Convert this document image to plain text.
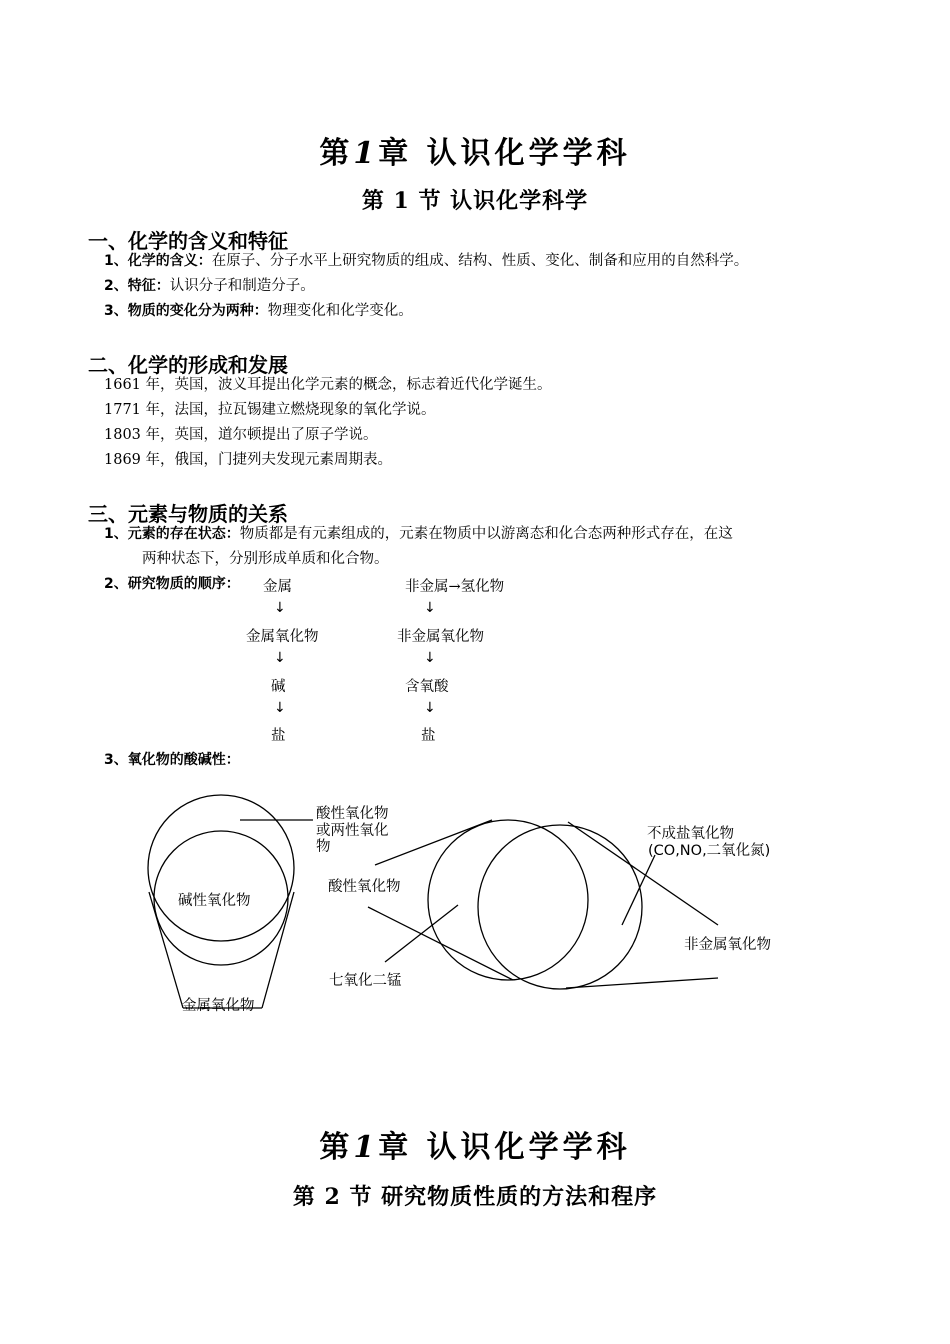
第1章 认识化学学科
第 1 节 认识化学科学
一、化学的含义和特征
1、化学的含义：在原子、分子水平上研究物质的组成、结构、性质、变化、制备和应用的自然科学。
2、特征：认识分子和制造分子。
3、物质的变化分为两种：物理变化和化学变化。
二、化学的形成和发展
1661 年，英国，波义耳提出化学元素的概念，标志着近代化学诞生。
1771 年，法国，拉瓦锡建立燃烧现象的氧化学说。
1803 年，英国，道尔顿提出了原子学说。
1869 年，俄国，门捷列夫发现元素周期表。
三、元素与物质的关系
1、元素的存在状态：物质都是有元素组成的，元素在物质中以游离态和化合态两种形式存在，在这
两种状态下，分别形成单质和化合物。
2、研究物质的顺序： 金属
↓
金属氧化物
↓
碱
↓
盐
非金属→氢化物
↓
非金属氧化物
↓
含氧酸
↓
盐
3、氧化物的酸碱性：
酸性氧化物
或两性氧化
物
碱性氧化物
金属氧化物
酸性氧化物
七氧化二锰
不成盐氧化物
(CO,NO,二氧化氮)
非金属氧化物
第1章 认识化学学科
第 2 节 研究物质性质的方法和程序
